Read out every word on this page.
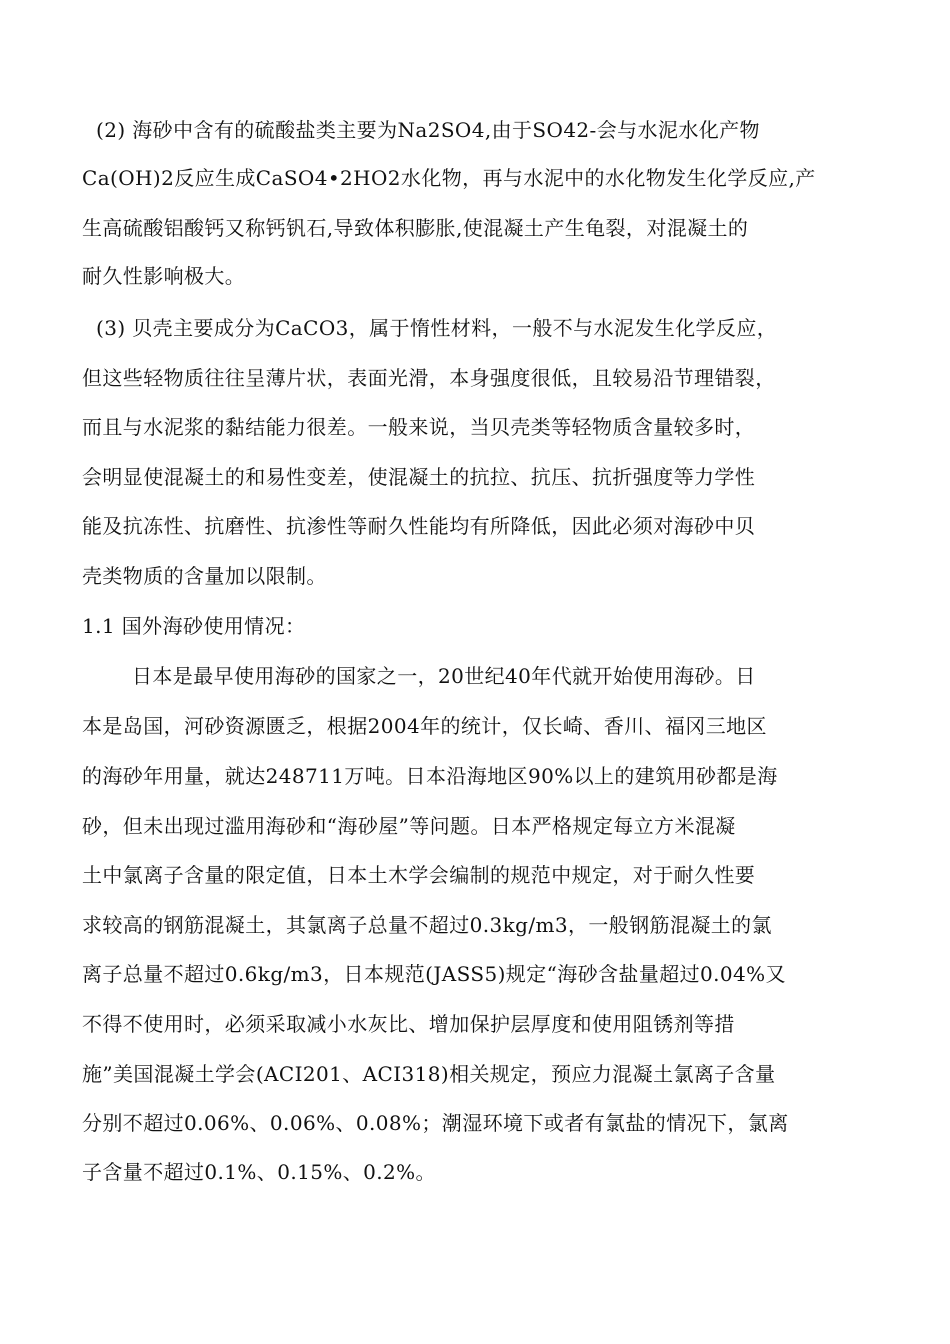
(2) 海砂中含有的硫酸盐类主要为Na2SO4,由于SO42-会与水泥水化产物
Ca(OH)2反应生成CaSO4•2HO2水化物，再与水泥中的水化物发生化学反应,产
生高硫酸铝酸钙又称钙钒石,导致体积膨胀,使混凝土产生龟裂，对混凝土的
耐久性影响极大。
(3) 贝壳主要成分为CaCO3，属于惰性材料，一般不与水泥发生化学反应，
但这些轻物质往往呈薄片状，表面光滑，本身强度很低，且较易沿节理错裂，
而且与水泥浆的黏结能力很差。一般来说，当贝壳类等轻物质含量较多时，
会明显使混凝土的和易性变差，使混凝土的抗拉、抗压、抗折强度等力学性
能及抗冻性、抗磨性、抗渗性等耐久性能均有所降低，因此必须对海砂中贝
壳类物质的含量加以限制。
1.1 国外海砂使用情况：
日本是最早使用海砂的国家之一，20世纪40年代就开始使用海砂。日
本是岛国，河砂资源匮乏，根据2004年的统计，仅长崎、香川、福冈三地区
的海砂年用量，就达248711万吨。日本沿海地区90%以上的建筑用砂都是海
砂，但未出现过滥用海砂和“海砂屋”等问题。日本严格规定每立方米混凝
土中氯离子含量的限定值，日本土木学会编制的规范中规定，对于耐久性要
求较高的钢筋混凝土，其氯离子总量不超过0.3kg/m3，一般钢筋混凝土的氯
离子总量不超过0.6kg/m3，日本规范(JASS5)规定“海砂含盐量超过0.04%又
不得不使用时，必须采取减小水灰比、增加保护层厚度和使用阻锈剂等措
施”美国混凝土学会(ACI201、ACI318)相关规定，预应力混凝土氯离子含量
分别不超过0.06%、0.06%、0.08%；潮湿环境下或者有氯盐的情况下，氯离
子含量不超过0.1%、0.15%、0.2%。
